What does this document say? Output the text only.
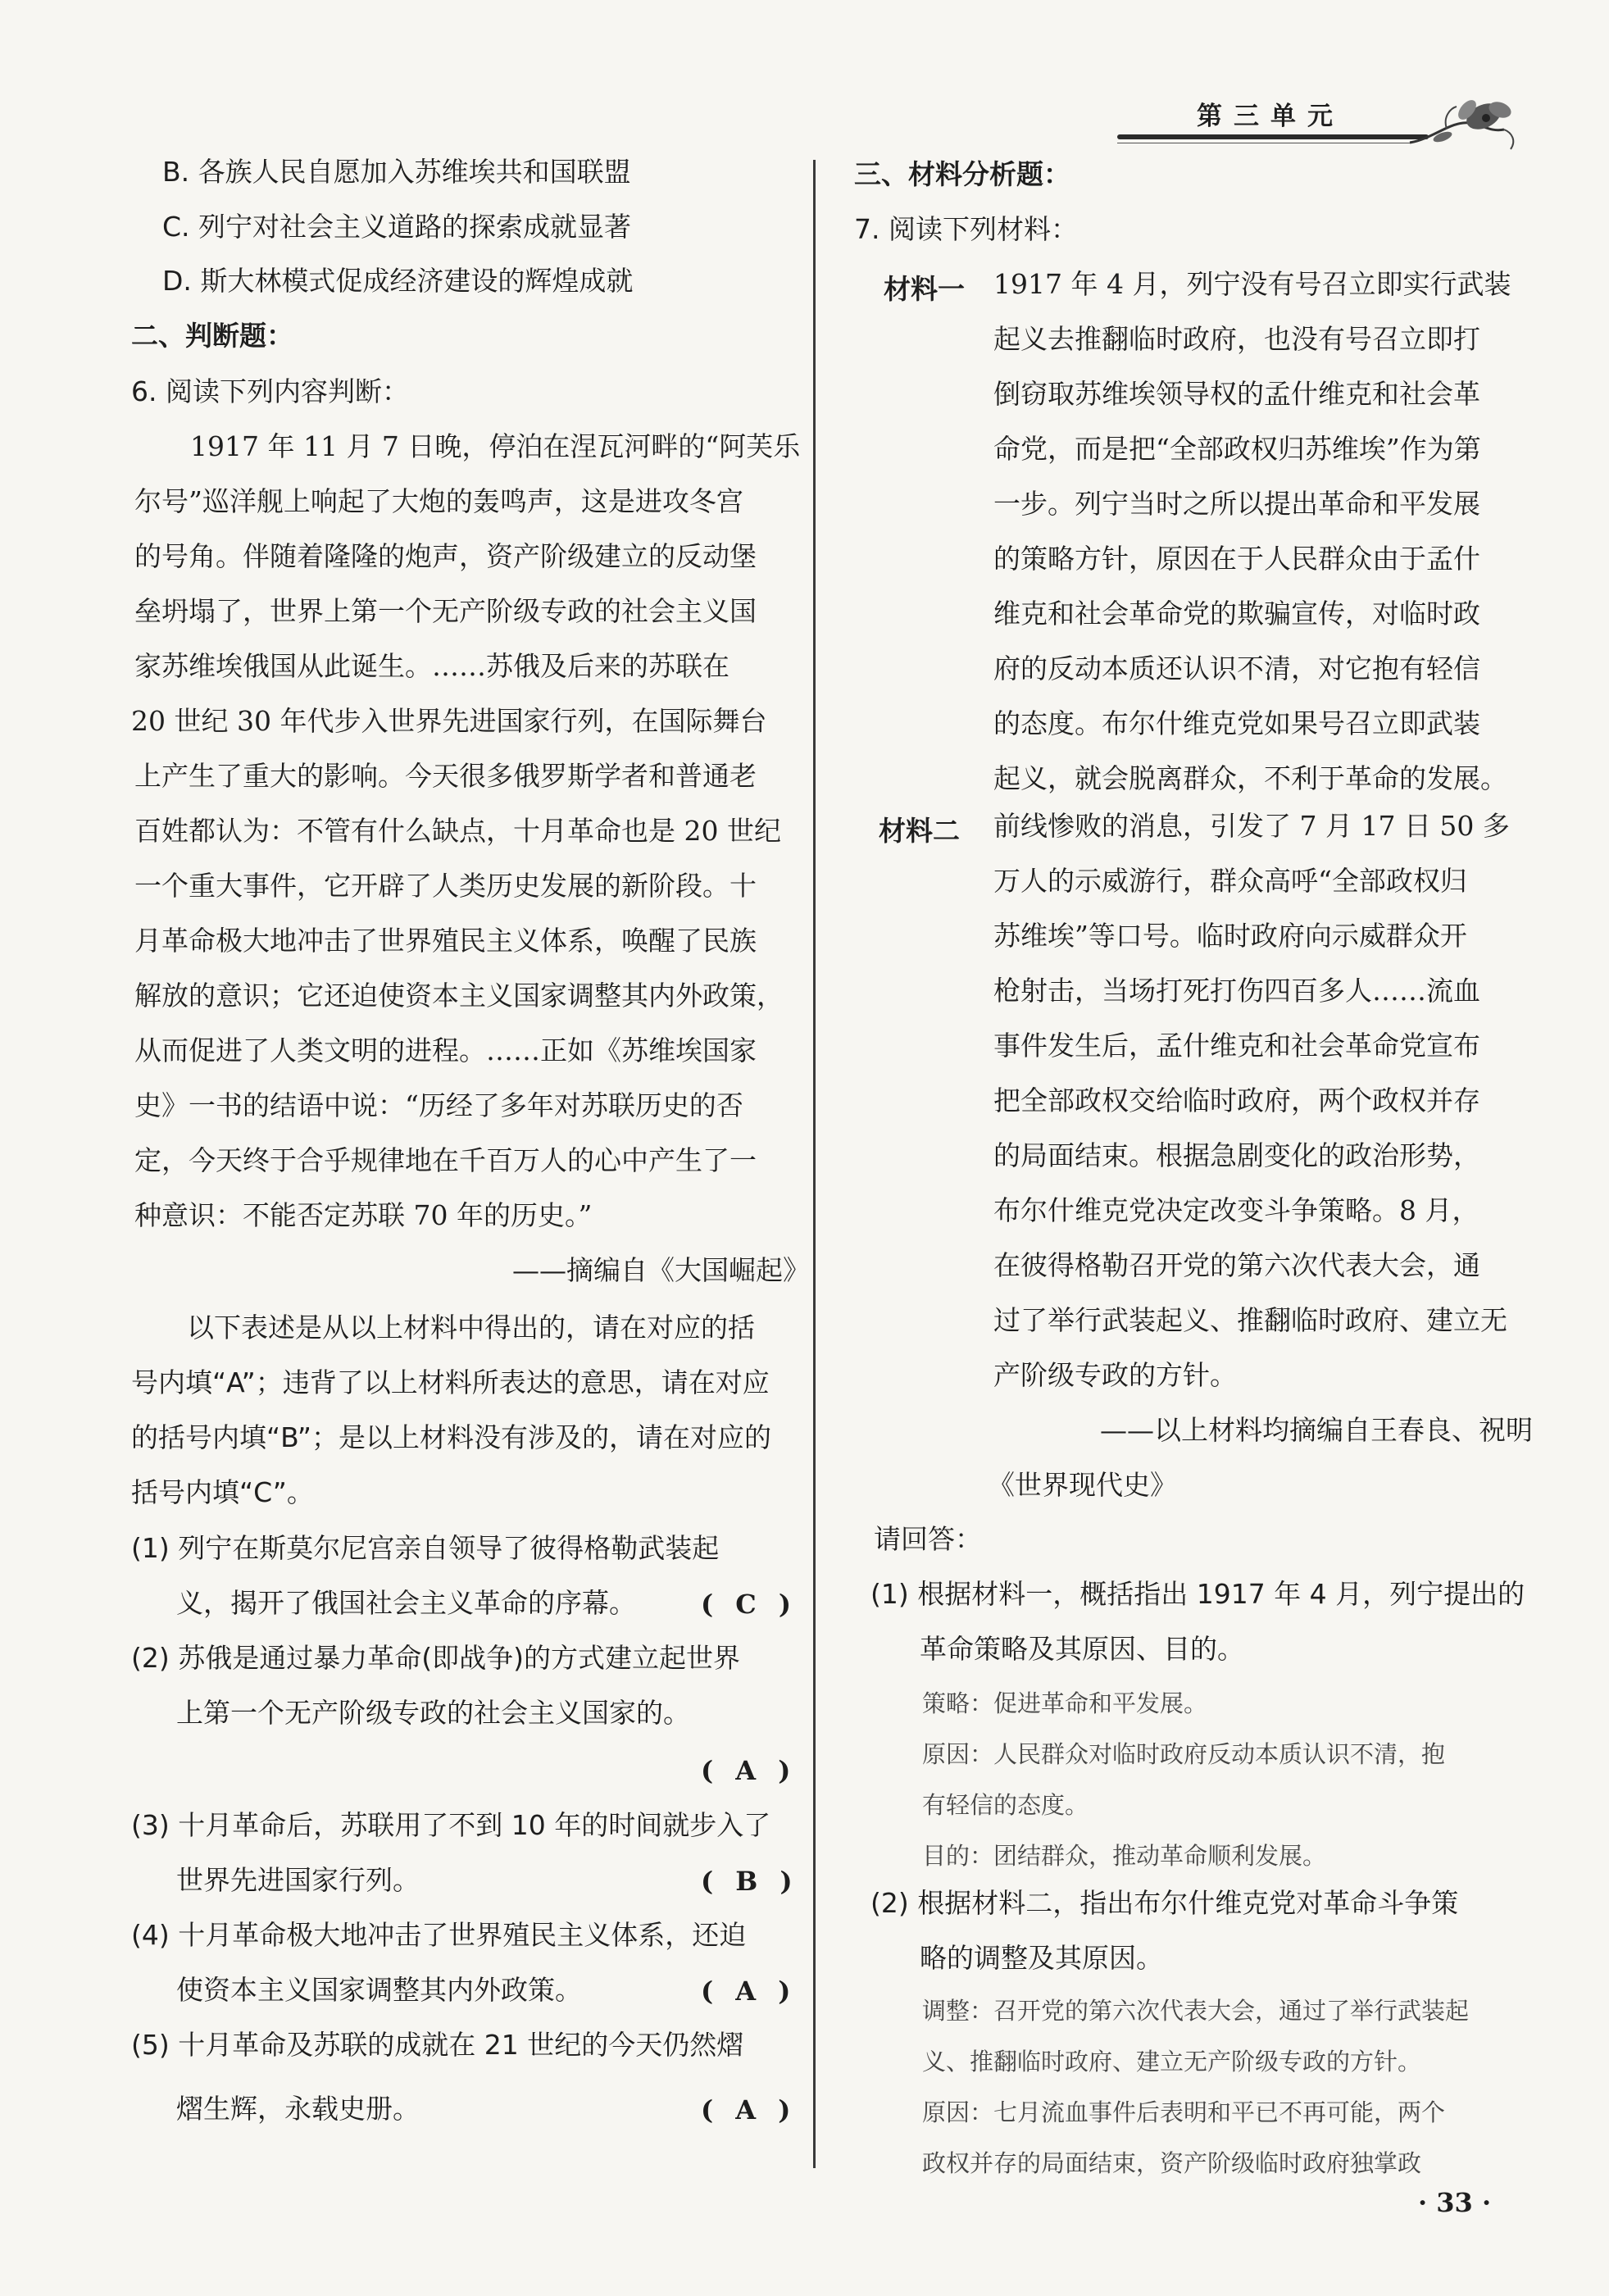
第三单元
B. 各族人民自愿加入苏维埃共和国联盟
C. 列宁对社会主义道路的探索成就显著
D. 斯大林模式促成经济建设的辉煌成就
二、判断题：
6. 阅读下列内容判断：
1917 年 11 月 7 日晚，停泊在涅瓦河畔的“阿芙乐
尔号”巡洋舰上响起了大炮的轰鸣声，这是进攻冬宫
的号角。伴随着隆隆的炮声，资产阶级建立的反动堡
垒坍塌了，世界上第一个无产阶级专政的社会主义国
家苏维埃俄国从此诞生。……苏俄及后来的苏联在
20 世纪 30 年代步入世界先进国家行列，在国际舞台
上产生了重大的影响。今天很多俄罗斯学者和普通老
百姓都认为：不管有什么缺点，十月革命也是 20 世纪
一个重大事件，它开辟了人类历史发展的新阶段。十
月革命极大地冲击了世界殖民主义体系，唤醒了民族
解放的意识；它还迫使资本主义国家调整其内外政策，
从而促进了人类文明的进程。……正如《苏维埃国家
史》一书的结语中说：“历经了多年对苏联历史的否
定，今天终于合乎规律地在千百万人的心中产生了一
种意识：不能否定苏联 70 年的历史。”
——摘编自《大国崛起》
以下表述是从以上材料中得出的，请在对应的括
号内填“A”；违背了以上材料所表达的意思，请在对应
的括号内填“B”；是以上材料没有涉及的，请在对应的
括号内填“C”。
(1) 列宁在斯莫尔尼宫亲自领导了彼得格勒武装起
义，揭开了俄国社会主义革命的序幕。 ( C )
(2) 苏俄是通过暴力革命(即战争)的方式建立起世界
上第一个无产阶级专政的社会主义国家的。
( A )
(3) 十月革命后，苏联用了不到 10 年的时间就步入了
世界先进国家行列。	( B )
(4) 十月革命极大地冲击了世界殖民主义体系，还迫
使资本主义国家调整其内外政策。	( A )
(5) 十月革命及苏联的成就在 21 世纪的今天仍然熠
熠生辉，永载史册。	( A )
三、材料分析题：
7. 阅读下列材料：
材料一 1917 年 4 月，列宁没有号召立即实行武装
起义去推翻临时政府，也没有号召立即打
倒窃取苏维埃领导权的孟什维克和社会革
命党，而是把“全部政权归苏维埃”作为第
一步。列宁当时之所以提出革命和平发展
的策略方针，原因在于人民群众由于孟什
维克和社会革命党的欺骗宣传，对临时政
府的反动本质还认识不清，对它抱有轻信
的态度。布尔什维克党如果号召立即武装
起义，就会脱离群众，不利于革命的发展。
材料二 前线惨败的消息，引发了 7 月 17 日 50 多
万人的示威游行，群众高呼“全部政权归
苏维埃”等口号。临时政府向示威群众开
枪射击，当场打死打伤四百多人……流血
事件发生后，孟什维克和社会革命党宣布
把全部政权交给临时政府，两个政权并存
的局面结束。根据急剧变化的政治形势，
布尔什维克党决定改变斗争策略。8 月，
在彼得格勒召开党的第六次代表大会，通
过了举行武装起义、推翻临时政府、建立无
产阶级专政的方针。
——以上材料均摘编自王春良、祝明
《世界现代史》
请回答：
(1) 根据材料一，概括指出 1917 年 4 月，列宁提出的
革命策略及其原因、目的。
策略：促进革命和平发展。
原因：人民群众对临时政府反动本质认识不清，抱
有轻信的态度。
目的：团结群众，推动革命顺利发展。
(2) 根据材料二，指出布尔什维克党对革命斗争策
略的调整及其原因。
调整：召开党的第六次代表大会，通过了举行武装起
义、推翻临时政府、建立无产阶级专政的方针。
原因：七月流血事件后表明和平已不再可能，两个
政权并存的局面结束，资产阶级临时政府独掌政
· 33 ·
